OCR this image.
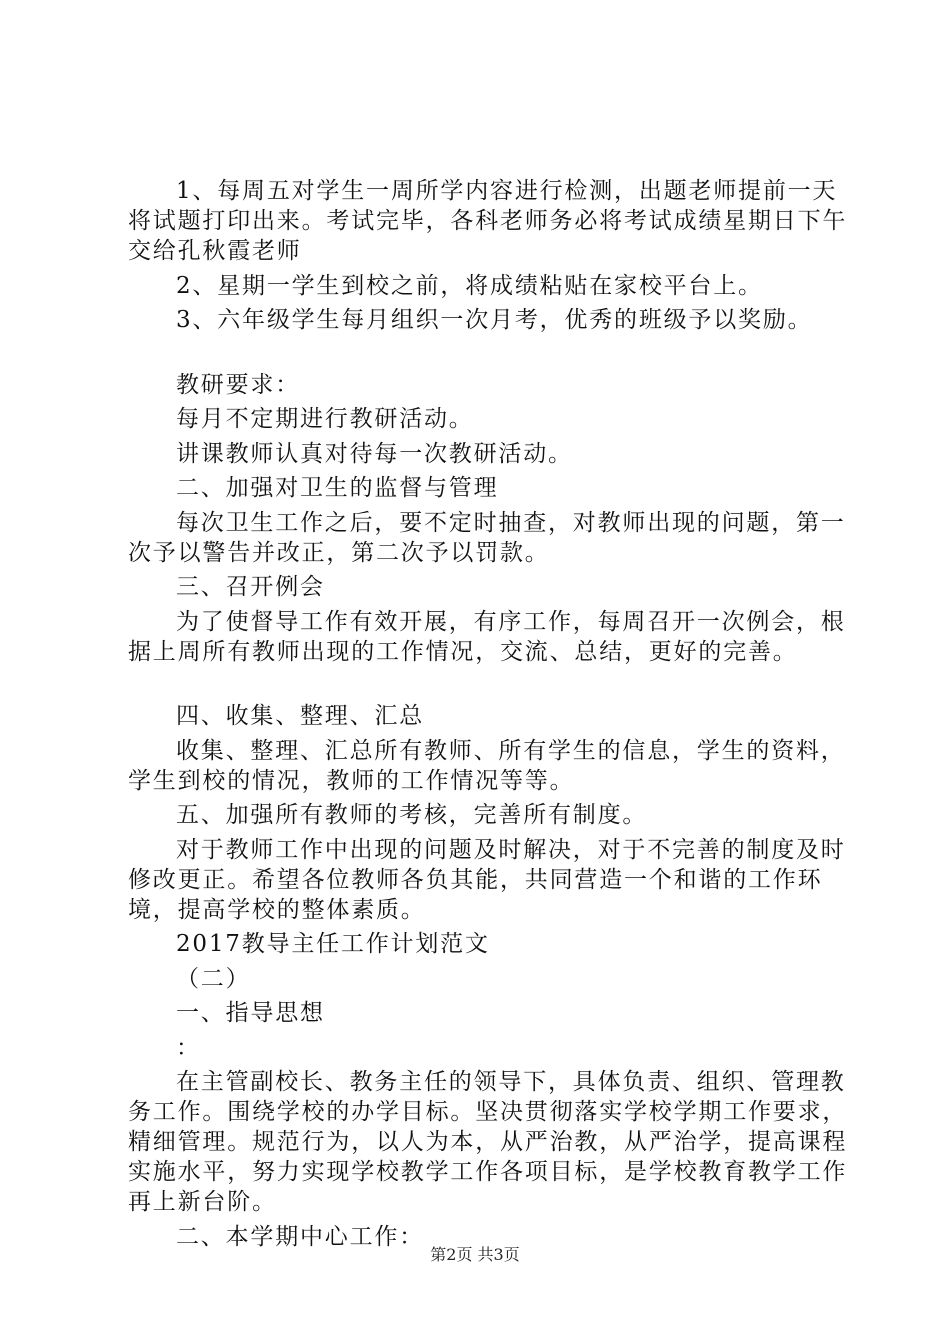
1、每周五对学生一周所学内容进行检测，出题老师提前一天将试题打印出来。考试完毕，各科老师务必将考试成绩星期日下午交给孔秋霞老师

2、星期一学生到校之前，将成绩粘贴在家校平台上。

3、六年级学生每月组织一次月考，优秀的班级予以奖励。

教研要求：

每月不定期进行教研活动。

讲课教师认真对待每一次教研活动。

二、加强对卫生的监督与管理

每次卫生工作之后，要不定时抽查，对教师出现的问题，第一次予以警告并改正，第二次予以罚款。

三、召开例会

为了使督导工作有效开展，有序工作，每周召开一次例会，根据上周所有教师出现的工作情况，交流、总结，更好的完善。

四、收集、整理、汇总

收集、整理、汇总所有教师、所有学生的信息，学生的资料，学生到校的情况，教师的工作情况等等。

五、加强所有教师的考核，完善所有制度。

对于教师工作中出现的问题及时解决，对于不完善的制度及时修改更正。希望各位教师各负其能，共同营造一个和谐的工作环境，提高学校的整体素质。

2017教导主任工作计划范文

（二）

一、指导思想

：

在主管副校长、教务主任的领导下，具体负责、组织、管理教务工作。围绕学校的办学目标。坚决贯彻落实学校学期工作要求，精细管理。规范行为，以人为本，从严治教，从严治学，提高课程实施水平，努力实现学校教学工作各项目标，是学校教育教学工作再上新台阶。

二、本学期中心工作：

第2页 共3页
